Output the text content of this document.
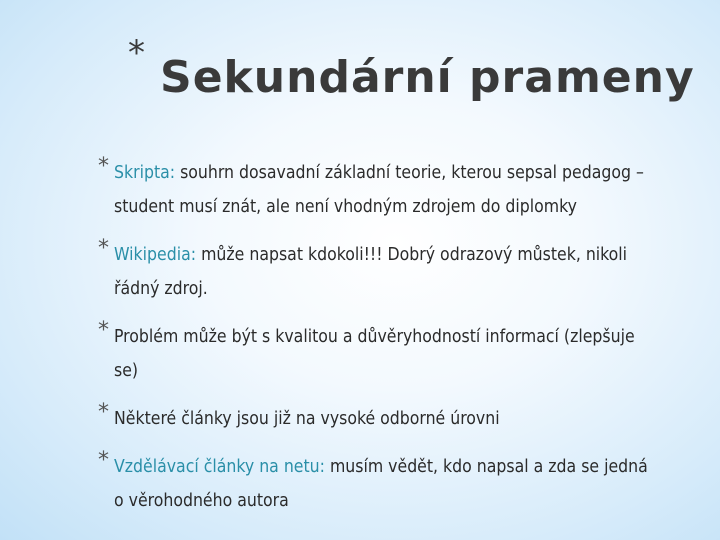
* Sekundární prameny
* Skripta: souhrn dosavadní základní teorie, kterou sepsal pedagog – student musí znát, ale není vhodným zdrojem do diplomky
* Wikipedia: může napsat kdokoli!!! Dobrý odrazový můstek, nikoli řádný zdroj.
* Problém může být s kvalitou a důvěryhodností informací (zlepšuje se)
* Některé články jsou již na vysoké odborné úrovni
* Vzdělávací články na netu: musím vědět, kdo napsal a zda se jedná o věrohodného autora
